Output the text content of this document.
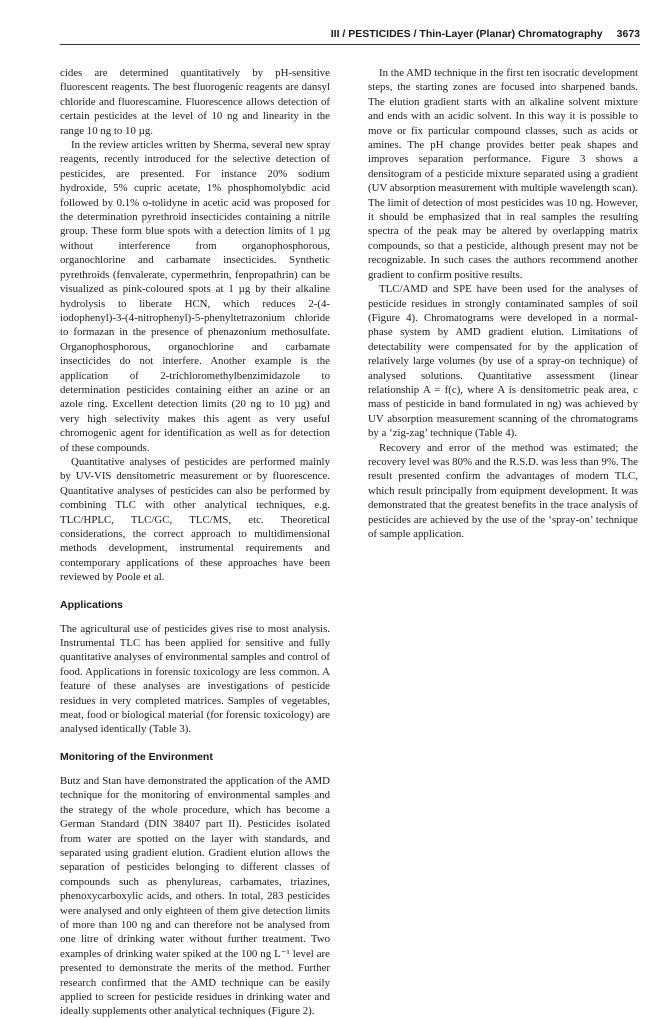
III / PESTICIDES / Thin-Layer (Planar) Chromatography 3673

cides are determined quantitatively by pH-sensitive fluorescent reagents. The best fluorogenic reagents are dansyl chloride and fluorescamine. Fluorescence allows detection of certain pesticides at the level of 10 ng and linearity in the range 10 ng to 10 µg.

In the review articles written by Sherma, several new spray reagents, recently introduced for the selective detection of pesticides, are presented. For instance 20% sodium hydroxide, 5% cupric acetate, 1% phosphomolybdic acid followed by 0.1% o-tolidyne in acetic acid was proposed for the determination pyrethroid insecticides containing a nitrile group. These form blue spots with a detection limits of 1 µg without interference from organophosphorous, organochlorine and carbamate insecticides. Synthetic pyrethroids (fenvalerate, cypermethrin, fenpropathrin) can be visualized as pink-coloured spots at 1 µg by their alkaline hydrolysis to liberate HCN, which reduces 2-(4-iodophenyl)-3-(4-nitrophenyl)-5-phenyltetrazonium chloride to formazan in the presence of phenazonium methosulfate. Organophosphorous, organochlorine and carbamate insecticides do not interfere. Another example is the application of 2-trichloromethylbenzimidazole to determination pesticides containing either an azine or an azole ring. Excellent detection limits (20 ng to 10 µg) and very high selectivity makes this agent as very useful chromogenic agent for identification as well as for detection of these compounds.

Quantitative analyses of pesticides are performed mainly by UV-VIS densitometric measurement or by fluorescence. Quantitative analyses of pesticides can also be performed by combining TLC with other analytical techniques, e.g. TLC/HPLC, TLC/GC, TLC/MS, etc. Theoretical considerations, the correct approach to multidimensional methods development, instrumental requirements and contemporary applications of these approaches have been reviewed by Poole et al.

Applications

The agricultural use of pesticides gives rise to most analysis. Instrumental TLC has been applied for sensitive and fully quantitative analyses of environmental samples and control of food. Applications in forensic toxicology are less common. A feature of these analyses are investigations of pesticide residues in very completed matrices. Samples of vegetables, meat, food or biological material (for forensic toxicology) are analysed identically (Table 3).

Monitoring of the Environment

Butz and Stan have demonstrated the application of the AMD technique for the monitoring of environmental samples and the strategy of the whole procedure, which has become a German Standard (DIN 38407 part II). Pesticides isolated from water are spotted on the layer with standards, and separated using gradient elution. Gradient elution allows the separation of pesticides belonging to different classes of compounds such as phenylureas, carbamates, triazines, phenoxycarboxylic acids, and others. In total, 283 pesticides were analysed and only eighteen of them give detection limits of more than 100 ng and can therefore not be analysed from one litre of drinking water without further treatment. Two examples of drinking water spiked at the 100 ng L⁻¹ level are presented to demonstrate the merits of the method. Further research confirmed that the AMD technique can be easily applied to screen for pesticide residues in drinking water and ideally supplements other analytical techniques (Figure 2).

In the AMD technique in the first ten isocratic development steps, the starting zones are focused into sharpened bands. The elution gradient starts with an alkaline solvent mixture and ends with an acidic solvent. In this way it is possible to move or fix particular compound classes, such as acids or amines. The pH change provides better peak shapes and improves separation performance. Figure 3 shows a densitogram of a pesticide mixture separated using a gradient (UV absorption measurement with multiple wavelength scan). The limit of detection of most pesticides was 10 ng. However, it should be emphasized that in real samples the resulting spectra of the peak may be altered by overlapping matrix compounds, so that a pesticide, although present may not be recognizable. In such cases the authors recommend another gradient to confirm positive results.

TLC/AMD and SPE have been used for the analyses of pesticide residues in strongly contaminated samples of soil (Figure 4). Chromatograms were developed in a normal-phase system by AMD gradient elution. Limitations of detectability were compensated for by the application of relatively large volumes (by use of a spray-on technique) of analysed solutions. Quantitative assessment (linear relationship A = f(c), where A is densitometric peak area, c mass of pesticide in band formulated in ng) was achieved by UV absorption measurement scanning of the chromatograms by a ‘zig-zag’ technique (Table 4).

Recovery and error of the method was estimated; the recovery level was 80% and the R.S.D. was less than 9%. The result presented confirm the advantages of modern TLC, which result principally from equipment development. It was demonstrated that the greatest benefits in the trace analysis of pesticides are achieved by the use of the ‘spray-on’ technique of sample application.
